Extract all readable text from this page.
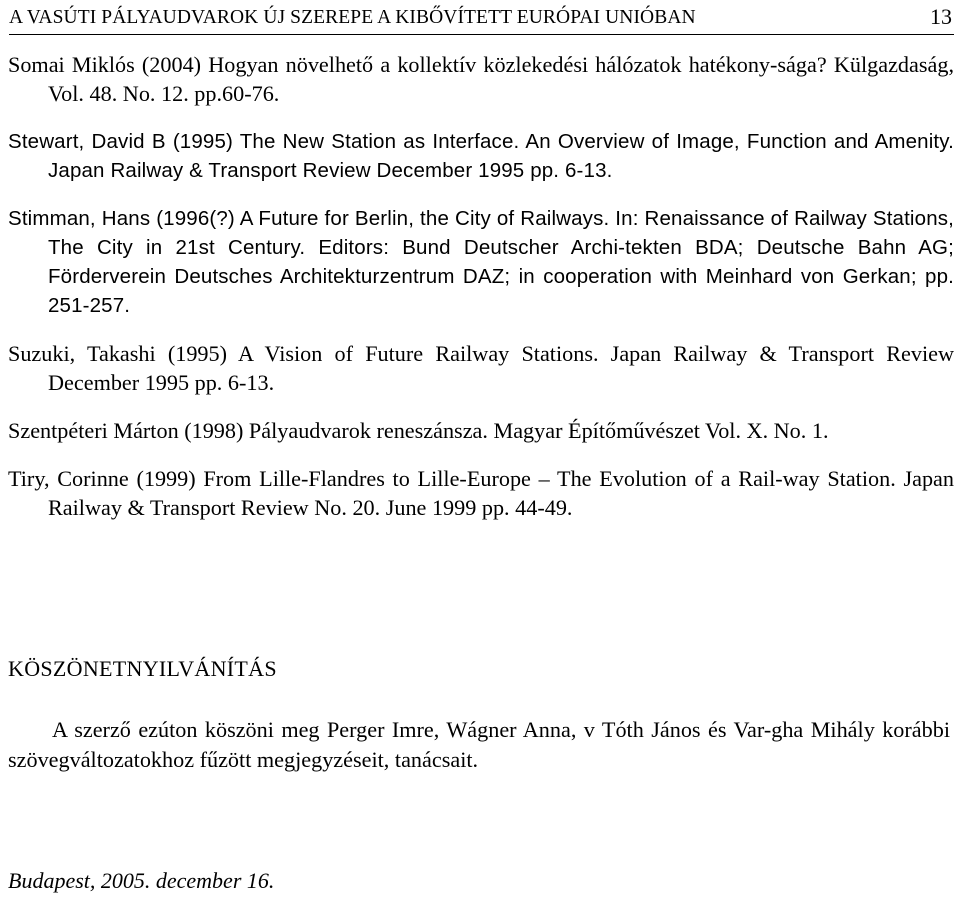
A VASÚTI PÁLYAUDVAROK ÚJ SZEREPE A KIBŐVÍTETT EURÓPAI UNIÓBAN	13

Somai Miklós (2004) Hogyan növelhető a kollektív közlekedési hálózatok hatékony-sága? Külgazdaság, Vol. 48. No. 12. pp.60-76.

Stewart, David B (1995) The New Station as Interface. An Overview of Image, Function and Amenity. Japan Railway & Transport Review December 1995 pp. 6-13.

Stimman, Hans (1996(?) A Future for Berlin, the City of Railways. In: Renaissance of Railway Stations, The City in 21st Century. Editors: Bund Deutscher Archi-tekten BDA; Deutsche Bahn AG; Förderverein Deutsches Architekturzentrum DAZ; in cooperation with Meinhard von Gerkan; pp. 251-257.

Suzuki, Takashi (1995) A Vision of Future Railway Stations. Japan Railway & Transport Review December 1995 pp. 6-13.

Szentpéteri Márton (1998) Pályaudvarok reneszánsza. Magyar Építőművészet Vol. X. No. 1.

Tiry, Corinne (1999) From Lille-Flandres to Lille-Europe – The Evolution of a Rail-way Station. Japan Railway & Transport Review No. 20. June 1999 pp. 44-49.

KÖSZÖNETNYILVÁNÍTÁS

A szerző ezúton köszöni meg Perger Imre, Wágner Anna, v Tóth János és Var-gha Mihály korábbi szövegváltozatokhoz fűzött megjegyzéseit, tanácsait.

Budapest, 2005. december 16.
